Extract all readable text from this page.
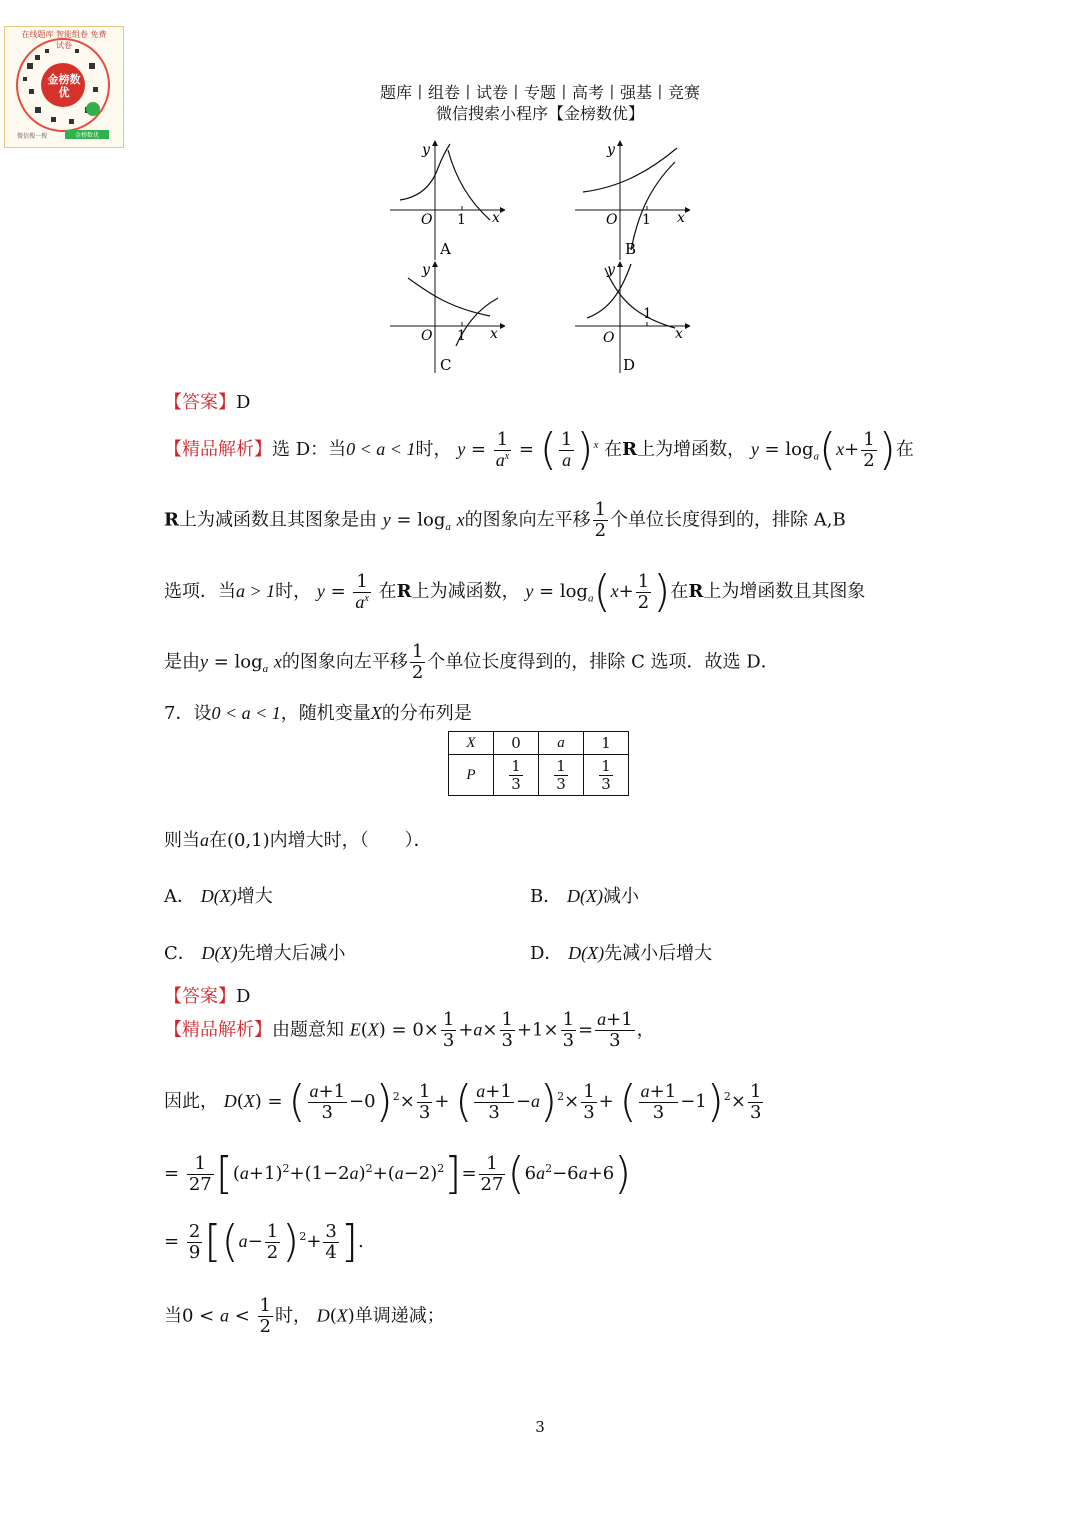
金榜数优
在线题库 智能组卷 免费试卷
微信搜一搜	金榜数优
题库丨组卷丨试卷丨专题丨高考丨强基丨竞赛
微信搜索小程序【金榜数优】
y
x
O 1
A
y
x
O 1
B
y
x
O 1
C
y
x
O
1
D
【答案】D
【精品解析】选 D：当0 < a < 1时， $y = \frac{1}{a^x}$ = ( $\frac{1}{a} )^x$ 在R上为增函数， $y = \log_a(x+ \frac{1}{2}$ )在
R上为减函数且其图象是由 $y = \log_a x$的图象向左平移 $\frac{1}{2}$ 个单位长度得到的，排除 A,B
选项．当a > 1时， $y = \frac{1}{a^x}$ 在R上为减函数， $y = \log_a(x+ \frac{1}{2}$ )在R上为增函数且其图象
是由$y = \log_a x$的图象向左平移 $\frac{1}{2}$ 个单位长度得到的，排除 C 选项．故选 D．
7．设0 < a < 1，随机变量X的分布列是
X	0	a	1
P	$\frac{1}{3}$	$\frac{1}{3}$	$\frac{1}{3}$
则当a在(0,1)内增大时，（　　）．
A． D(X)增大	B． D(X)减小
C． D(X)先增大后减小	D． D(X)先减小后增大
【答案】D
【精品解析】由题意知 $E(X) = 0\times \frac{1}{3} +a\times \frac{1}{3} +1\times \frac{1}{3} = \frac{a+1}{3}$ ，
因此， D(X) = ( $\frac{a+1}{3} -0)^2\times \frac{1}{3}$ + ( $\frac{a+1}{3} -a)^2\times \frac{1}{3}$ + ( $\frac{a+1}{3} -1)^2\times \frac{1}{3}$
= $\frac{1}{27} [(a+1)^2+(1-2a)^2+(a-2)^2]= \frac{1}{27} (6a^2-6a+6)$
= $\frac{2}{9} [(a- \frac{1}{2} )^2+ \frac{3}{4}$ ].
当$0 < a < \frac{1}{2}$ 时， D(X)单调递减；
3
